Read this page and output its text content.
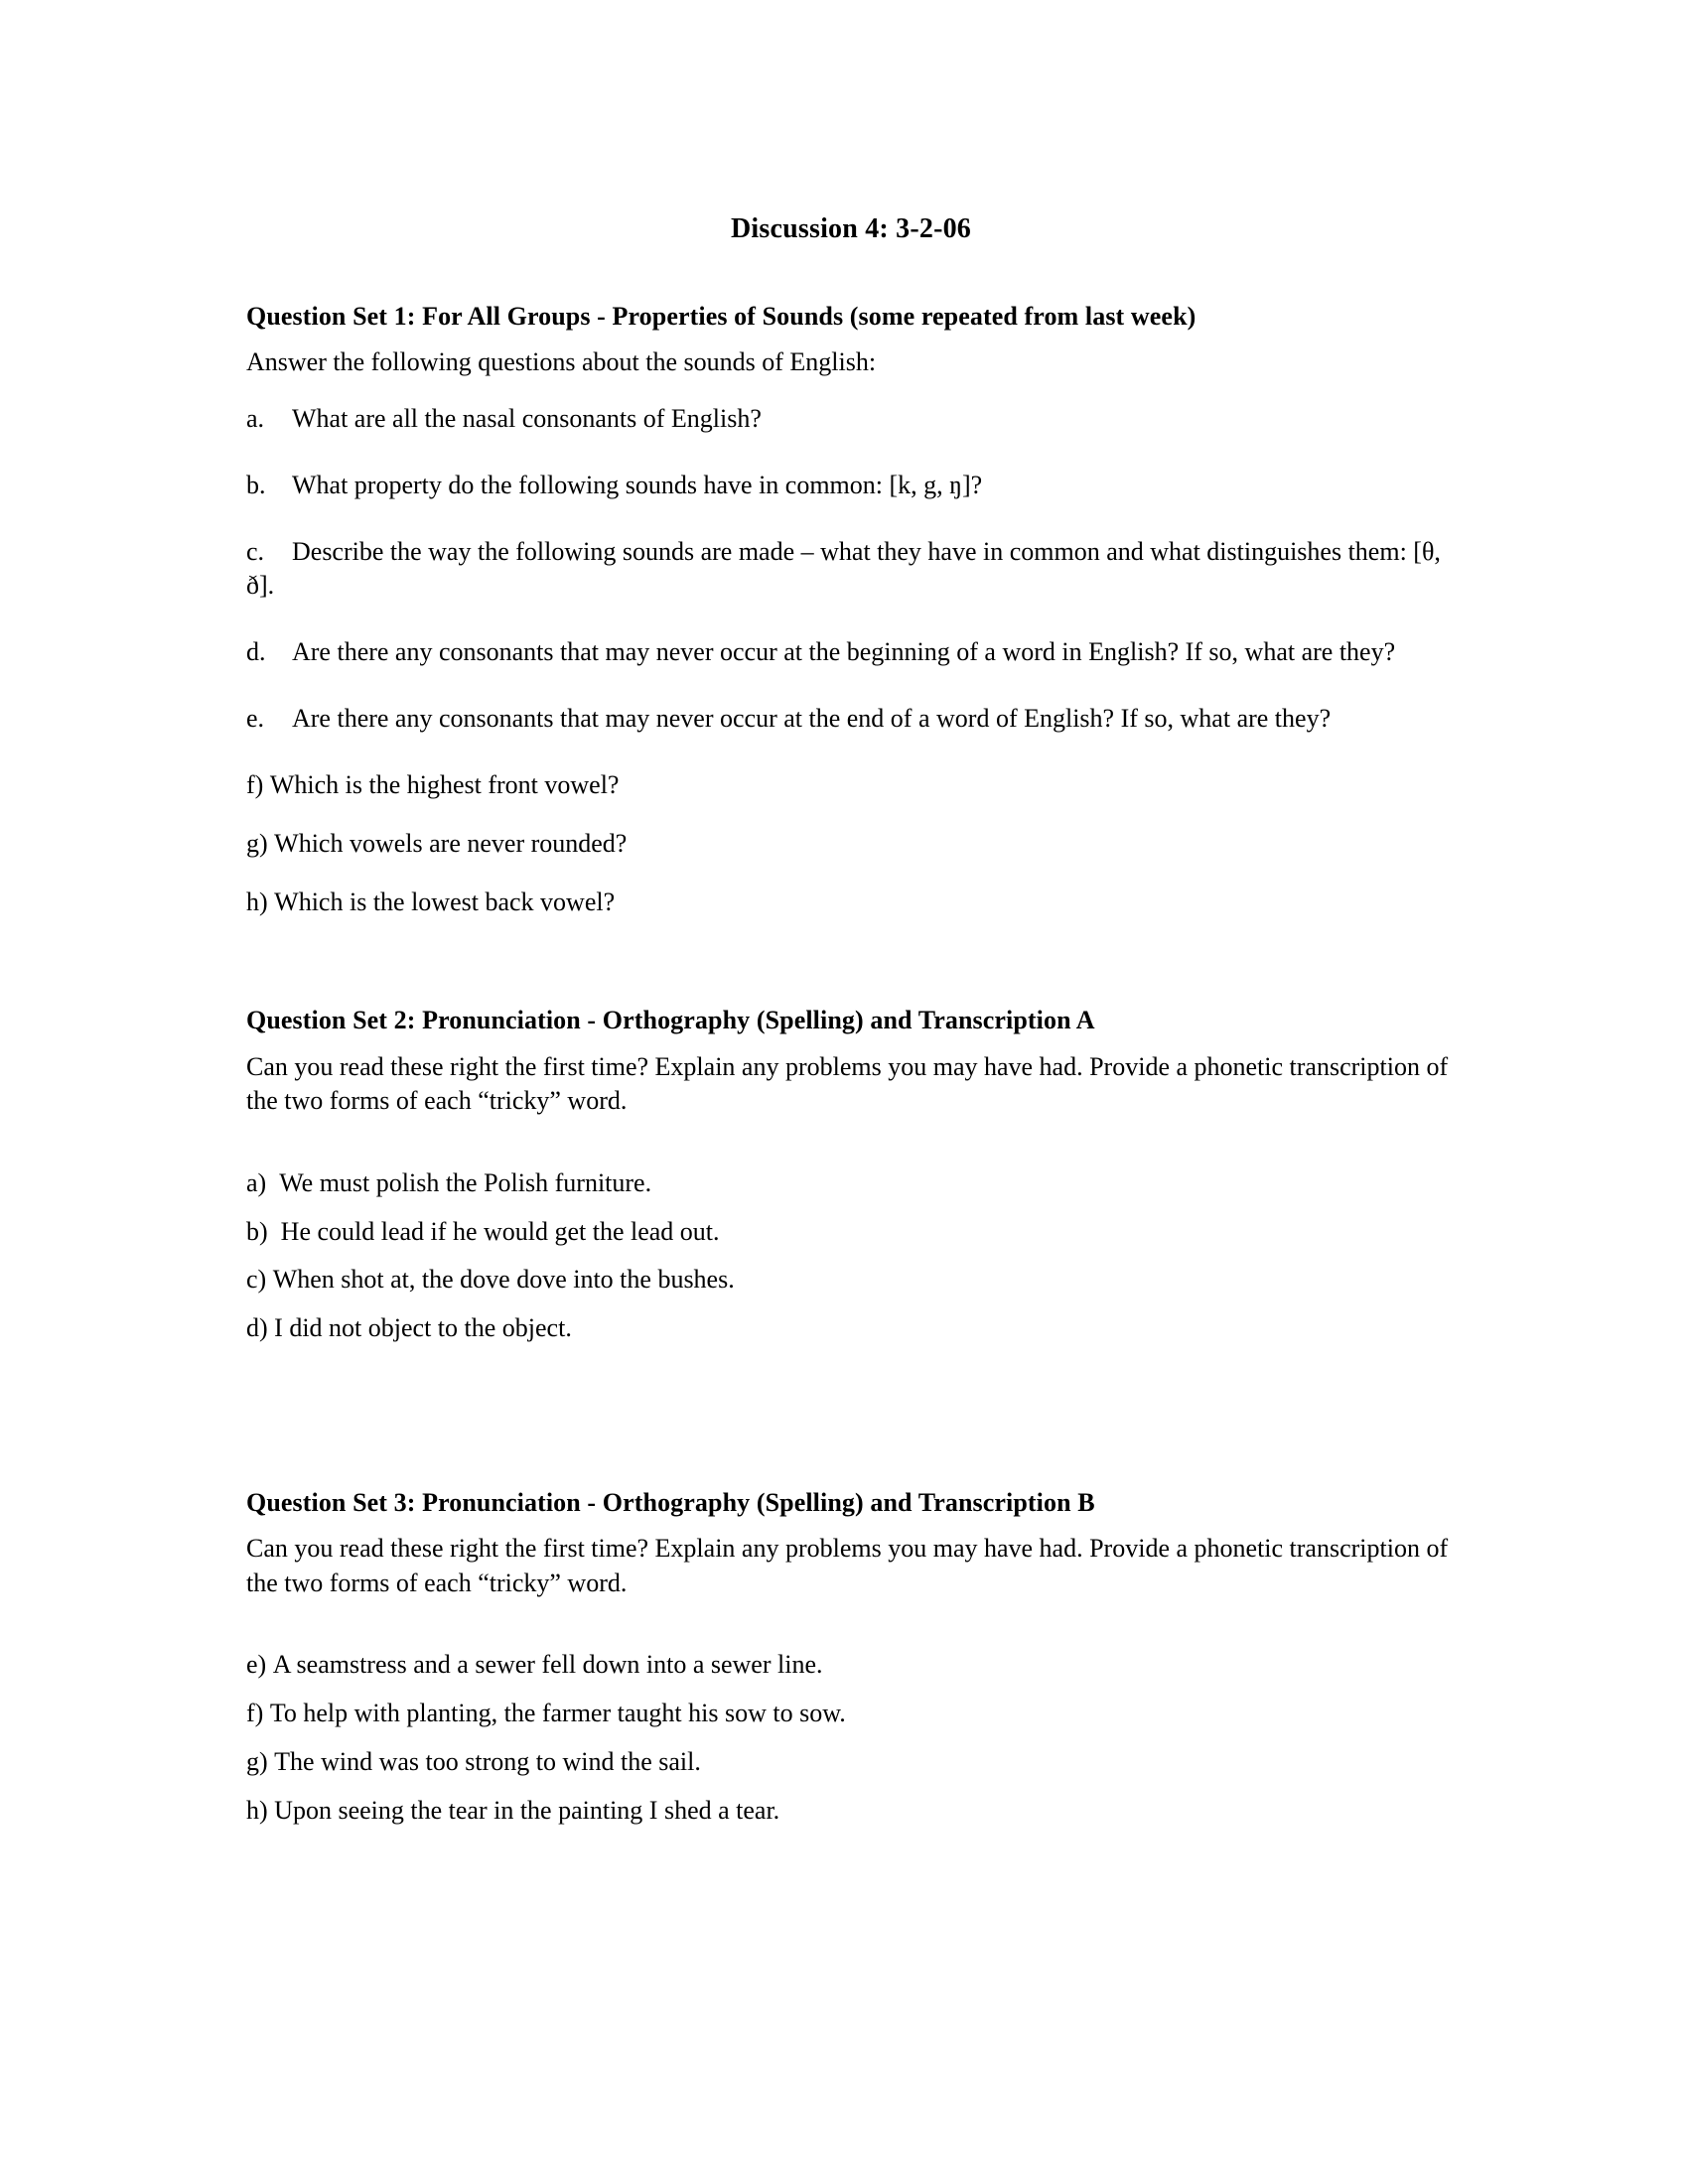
Discussion 4: 3-2-06
Question Set 1: For All Groups - Properties of Sounds (some repeated from last week)

Answer the following questions about the sounds of English:

a. What are all the nasal consonants of English?

b. What property do the following sounds have in common: [k, g, ŋ]?

c. Describe the way the following sounds are made – what they have in common and what distinguishes them: [θ, ð].

d. Are there any consonants that may never occur at the beginning of a word in English? If so, what are they?

e. Are there any consonants that may never occur at the end of a word of English? If so, what are they?

f) Which is the highest front vowel?

g) Which vowels are never rounded?

h) Which is the lowest back vowel?

Question Set 2: Pronunciation - Orthography (Spelling) and Transcription A

Can you read these right the first time? Explain any problems you may have had. Provide a phonetic transcription of the two forms of each “tricky” word.

a) We must polish the Polish furniture.

b) He could lead if he would get the lead out.

c) When shot at, the dove dove into the bushes.

d) I did not object to the object.

Question Set 3: Pronunciation - Orthography (Spelling) and Transcription B

Can you read these right the first time? Explain any problems you may have had. Provide a phonetic transcription of the two forms of each “tricky” word.

e) A seamstress and a sewer fell down into a sewer line.

f) To help with planting, the farmer taught his sow to sow.

g) The wind was too strong to wind the sail.

h) Upon seeing the tear in the painting I shed a tear.
